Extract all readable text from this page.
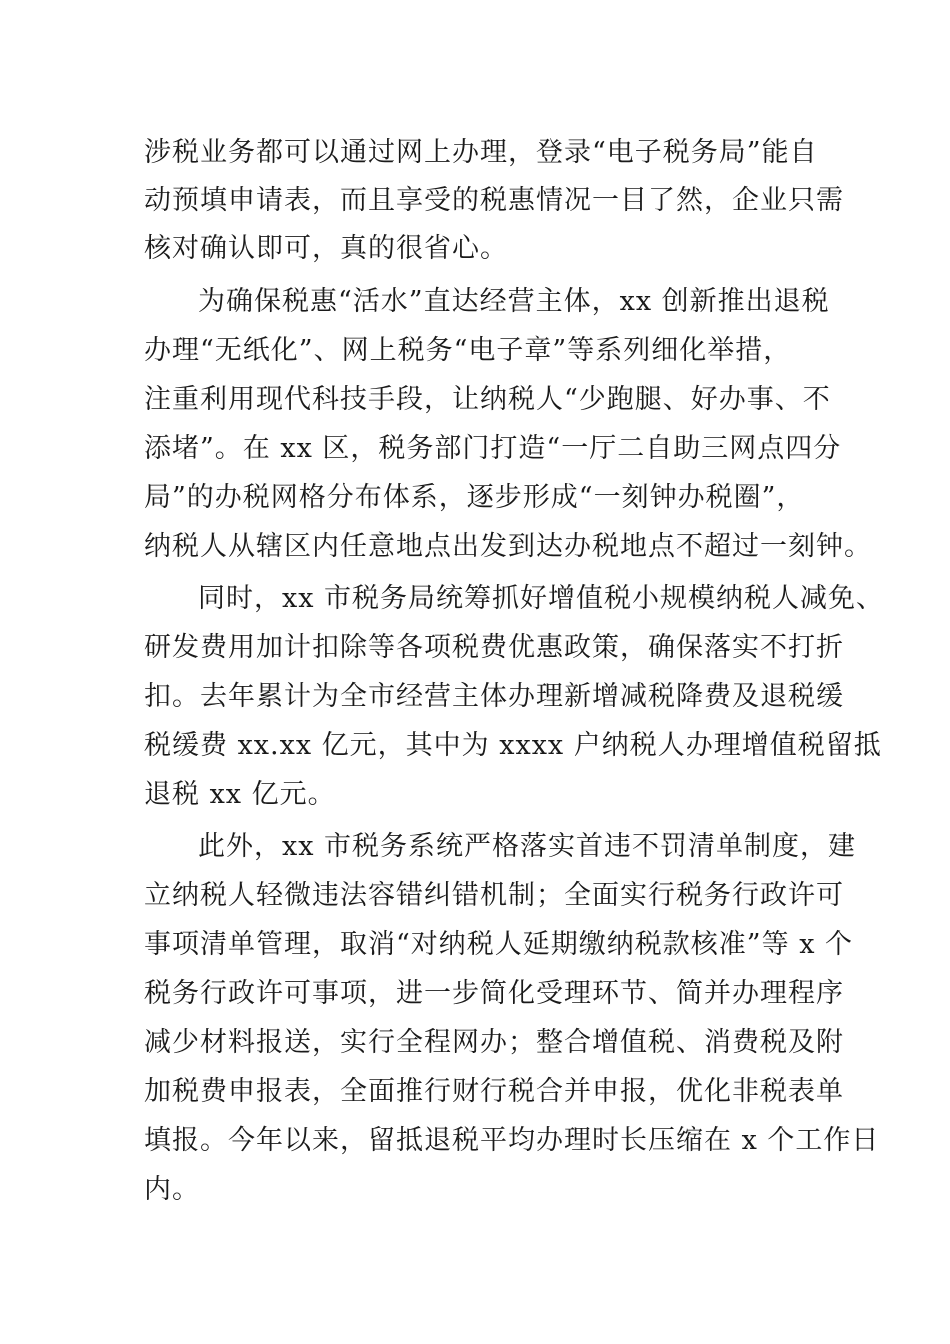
涉税业务都可以通过网上办理，登录“电子税务局”能自
动预填申请表，而且享受的税惠情况一目了然，企业只需
核对确认即可，真的很省心。
为确保税惠“活水”直达经营主体，xx 创新推出退税
办理“无纸化”、网上税务“电子章”等系列细化举措，
注重利用现代科技手段，让纳税人“少跑腿、好办事、不
添堵”。在 xx 区，税务部门打造“一厅二自助三网点四分
局”的办税网格分布体系，逐步形成“一刻钟办税圈”，
纳税人从辖区内任意地点出发到达办税地点不超过一刻钟。
同时，xx 市税务局统筹抓好增值税小规模纳税人减免、
研发费用加计扣除等各项税费优惠政策，确保落实不打折
扣。去年累计为全市经营主体办理新增减税降费及退税缓
税缓费 xx.xx 亿元，其中为 xxxx 户纳税人办理增值税留抵
退税 xx 亿元。
此外，xx 市税务系统严格落实首违不罚清单制度，建
立纳税人轻微违法容错纠错机制；全面实行税务行政许可
事项清单管理，取消“对纳税人延期缴纳税款核准”等 x 个
税务行政许可事项，进一步简化受理环节、简并办理程序
减少材料报送，实行全程网办；整合增值税、消费税及附
加税费申报表，全面推行财行税合并申报，优化非税表单
填报。今年以来，留抵退税平均办理时长压缩在 x 个工作日
内。
